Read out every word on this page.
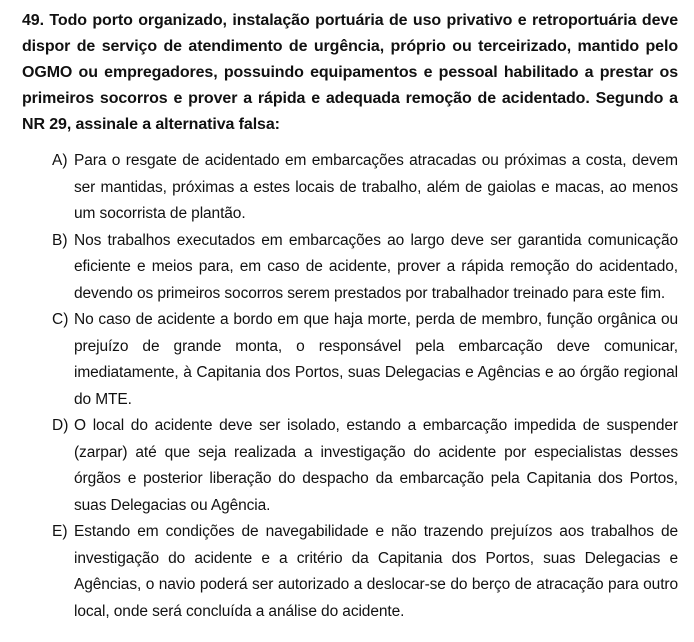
49. Todo porto organizado, instalação portuária de uso privativo e retroportuária deve dispor de serviço de atendimento de urgência, próprio ou terceirizado, mantido pelo OGMO ou empregadores, possuindo equipamentos e pessoal habilitado a prestar os primeiros socorros e prover a rápida e adequada remoção de acidentado. Segundo a NR 29, assinale a alternativa falsa:

A) Para o resgate de acidentado em embarcações atracadas ou próximas a costa, devem ser mantidas, próximas a estes locais de trabalho, além de gaiolas e macas, ao menos um socorrista de plantão.
B) Nos trabalhos executados em embarcações ao largo deve ser garantida comunicação eficiente e meios para, em caso de acidente, prover a rápida remoção do acidentado, devendo os primeiros socorros serem prestados por trabalhador treinado para este fim.
C) No caso de acidente a bordo em que haja morte, perda de membro, função orgânica ou prejuízo de grande monta, o responsável pela embarcação deve comunicar, imediatamente, à Capitania dos Portos, suas Delegacias e Agências e ao órgão regional do MTE.
D) O local do acidente deve ser isolado, estando a embarcação impedida de suspender (zarpar) até que seja realizada a investigação do acidente por especialistas desses órgãos e posterior liberação do despacho da embarcação pela Capitania dos Portos, suas Delegacias ou Agência.
E) Estando em condições de navegabilidade e não trazendo prejuízos aos trabalhos de investigação do acidente e a critério da Capitania dos Portos, suas Delegacias e Agências, o navio poderá ser autorizado a deslocar-se do berço de atracação para outro local, onde será concluída a análise do acidente.
